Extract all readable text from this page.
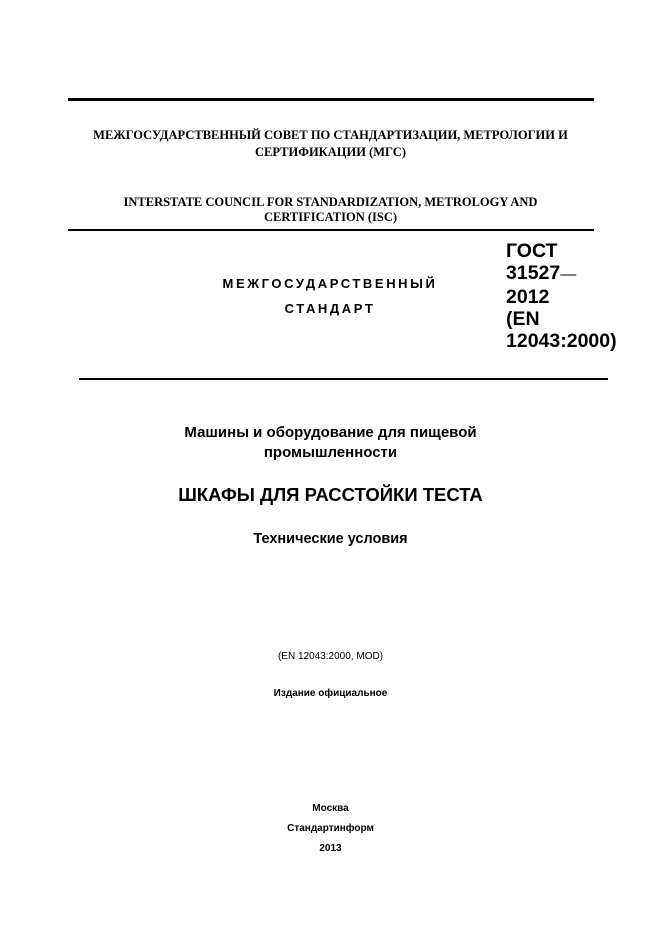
МЕЖГОСУДАРСТВЕННЫЙ СОВЕТ ПО СТАНДАРТИЗАЦИИ, МЕТРОЛОГИИ И
СЕРТИФИКАЦИИ (МГС)
INTERSTATE COUNCIL FOR STANDARDIZATION, METROLOGY AND
CERTIFICATION (ISC)
МЕЖГОСУДАРСТВЕННЫЙ
СТАНДАРТ
ГОСТ
31527—
2012
(EN
12043:2000)
Машины и оборудование для пищевой
промышленности
ШКАФЫ ДЛЯ РАССТОЙКИ ТЕСТА
Технические условия
(EN 12043:2000, MOD)
Издание официальное
Москва
Стандартинформ
2013
